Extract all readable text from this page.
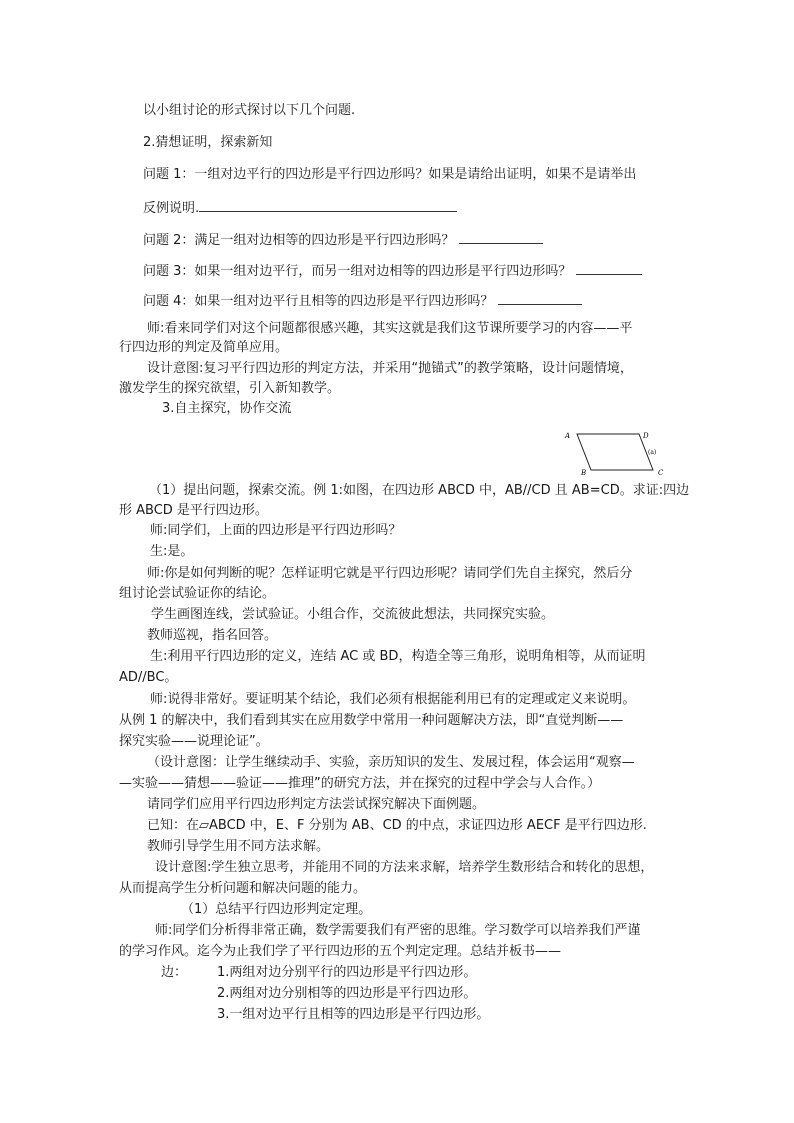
以小组讨论的形式探讨以下几个问题.
2.猜想证明，探索新知
问题 1：一组对边平行的四边形是平行四边形吗？如果是请给出证明，如果不是请举出
反例说明.
问题 2：满足一组对边相等的四边形是平行四边形吗？
问题 3：如果一组对边平行，而另一组对边相等的四边形是平行四边形吗？
问题 4：如果一组对边平行且相等的四边形是平行四边形吗？
师:看来同学们对这个问题都很感兴趣，其实这就是我们这节课所要学习的内容——平
行四边形的判定及简单应用。
设计意图:复习平行四边形的判定方法，并采用“抛锚式”的教学策略，设计问题情境，
激发学生的探究欲望，引入新知教学。
3.自主探究，协作交流
A	D
(a)
B	C
（1）提出问题，探索交流。例 1:如图，在四边形 ABCD 中，AB//CD 且 AB=CD。求证:四边
形 ABCD 是平行四边形。
师:同学们，上面的四边形是平行四边形吗？
生:是。
师:你是如何判断的呢？怎样证明它就是平行四边形呢？请同学们先自主探究，然后分
组讨论尝试验证你的结论。
学生画图连线，尝试验证。小组合作，交流彼此想法，共同探究实验。
教师巡视，指名回答。
生:利用平行四边形的定义，连结 AC 或 BD，构造全等三角形，说明角相等，从而证明
AD//BC。
师:说得非常好。要证明某个结论，我们必须有根据能利用已有的定理或定义来说明。
从例 1 的解决中，我们看到其实在应用数学中常用一种问题解决方法，即“直觉判断——
探究实验——说理论证”。
（设计意图：让学生继续动手、实验，亲历知识的发生、发展过程，体会运用“观察—
—实验——猜想——验证——推理”的研究方法，并在探究的过程中学会与人合作。）
请同学们应用平行四边形判定方法尝试探究解决下面例题。
已知：在▱ABCD 中，E、F 分别为 AB、CD 的中点，求证四边形 AECF 是平行四边形.
教师引导学生用不同方法求解。
设计意图:学生独立思考，并能用不同的方法来求解，培养学生数形结合和转化的思想，
从而提高学生分析问题和解决问题的能力。
（1）总结平行四边形判定定理。
师:同学们分析得非常正确，数学需要我们有严密的思维。学习数学可以培养我们严谨
的学习作风。迄今为止我们学了平行四边形的五个判定定理。总结并板书——
边： 1.两组对边分别平行的四边形是平行四边形。
2.两组对边分别相等的四边形是平行四边形。
3.一组对边平行且相等的四边形是平行四边形。
